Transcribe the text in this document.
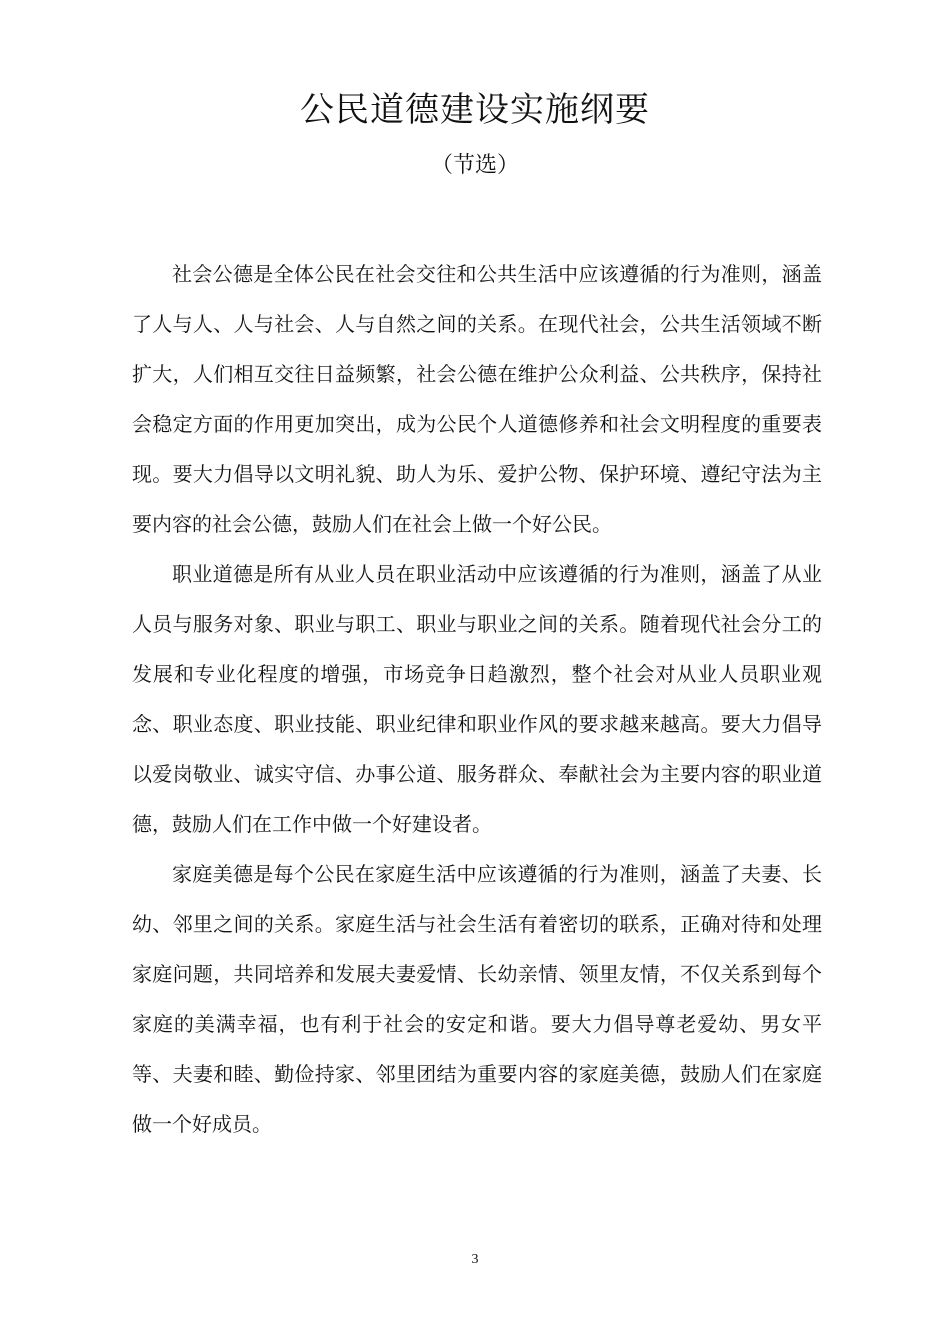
公民道德建设实施纲要
（节选）

社会公德是全体公民在社会交往和公共生活中应该遵循的行为准则，涵盖了人与人、人与社会、人与自然之间的关系。在现代社会，公共生活领域不断扩大，人们相互交往日益频繁，社会公德在维护公众利益、公共秩序，保持社会稳定方面的作用更加突出，成为公民个人道德修养和社会文明程度的重要表现。要大力倡导以文明礼貌、助人为乐、爱护公物、保护环境、遵纪守法为主要内容的社会公德，鼓励人们在社会上做一个好公民。

职业道德是所有从业人员在职业活动中应该遵循的行为准则，涵盖了从业人员与服务对象、职业与职工、职业与职业之间的关系。随着现代社会分工的发展和专业化程度的增强，市场竞争日趋激烈，整个社会对从业人员职业观念、职业态度、职业技能、职业纪律和职业作风的要求越来越高。要大力倡导以爱岗敬业、诚实守信、办事公道、服务群众、奉献社会为主要内容的职业道德，鼓励人们在工作中做一个好建设者。

家庭美德是每个公民在家庭生活中应该遵循的行为准则，涵盖了夫妻、长幼、邻里之间的关系。家庭生活与社会生活有着密切的联系，正确对待和处理家庭问题，共同培养和发展夫妻爱情、长幼亲情、领里友情，不仅关系到每个家庭的美满幸福，也有利于社会的安定和谐。要大力倡导尊老爱幼、男女平等、夫妻和睦、勤俭持家、邻里团结为重要内容的家庭美德，鼓励人们在家庭做一个好成员。

3
